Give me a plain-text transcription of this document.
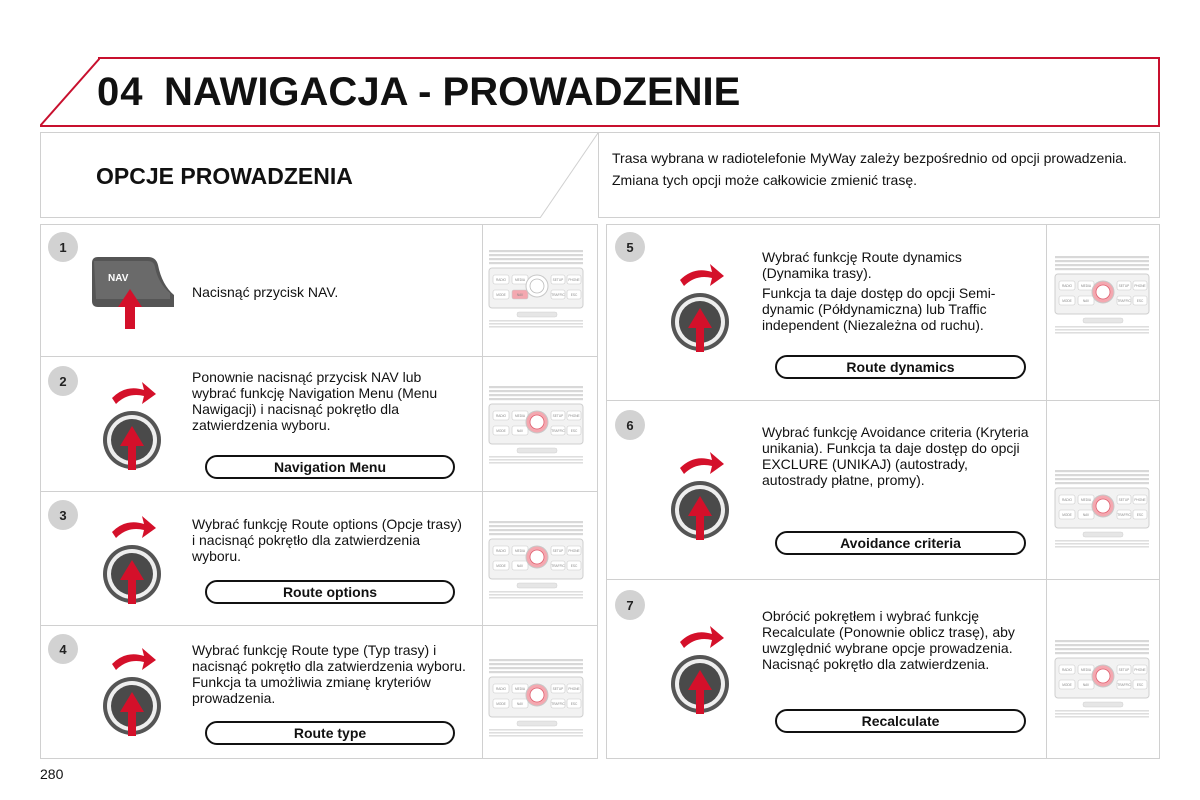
04 NAWIGACJA - PROWADZENIE
OPCJE PROWADZENIA

Trasa wybrana w radiotelefonie MyWay zależy bezpośrednio od opcji prowadzenia.

Zmiana tych opcji może całkowicie zmienić trasę.

1
NAV
Nacisnąć przycisk NAV.
2	Ponownie nacisnąć przycisk NAV lub wybrać funkcję Navigation Menu (Menu Nawigacji) i nacisnąć pokrętło dla zatwierdzenia wyboru.
Navigation Menu
3
Wybrać funkcję Route options (Opcje trasy) i nacisnąć pokrętło dla zatwierdzenia wyboru.
Route options
4	Wybrać funkcję Route type (Typ trasy) i nacisnąć pokrętło dla zatwierdzenia wyboru. Funkcja ta umożliwia zmianę kryteriów prowadzenia.
Route type
5

Wybrać funkcję Route dynamics (Dynamika trasy).

Funkcja ta daje dostęp do opcji Semi-dynamic (Półdynamiczna) lub Traffic independent (Niezależna od ruchu).

Route dynamics
6	Wybrać funkcję Avoidance criteria (Kryteria unikania). Funkcja ta daje dostęp do opcji EXCLURE (UNIKAJ) (autostrady, autostrady płatne, promy).
Avoidance criteria
7
Obrócić pokrętłem i wybrać funkcję Recalculate (Ponownie oblicz trasę), aby uwzględnić wybrane opcje prowadzenia. Nacisnąć pokrętło dla zatwierdzenia.
Recalculate
RADIO	MEDIA	SETUP PHONE
MODE	NAV	TRAFFIC ESC
RADIO	MEDIA	SETUP PHONE
MODE	NAV	TRAFFIC ESC
RADIO	MEDIA	SETUP PHONE
MODE	NAV	TRAFFIC ESC
RADIO	MEDIA	SETUP PHONE
MODE	NAV	TRAFFIC ESC
RADIO	MEDIA	SETUP PHONE
MODE	NAV	TRAFFIC ESC
RADIO	MEDIA	SETUP PHONE
MODE	NAV	TRAFFIC ESC
RADIO	MEDIA	SETUP PHONE
MODE	NAV	TRAFFIC ESC
280
